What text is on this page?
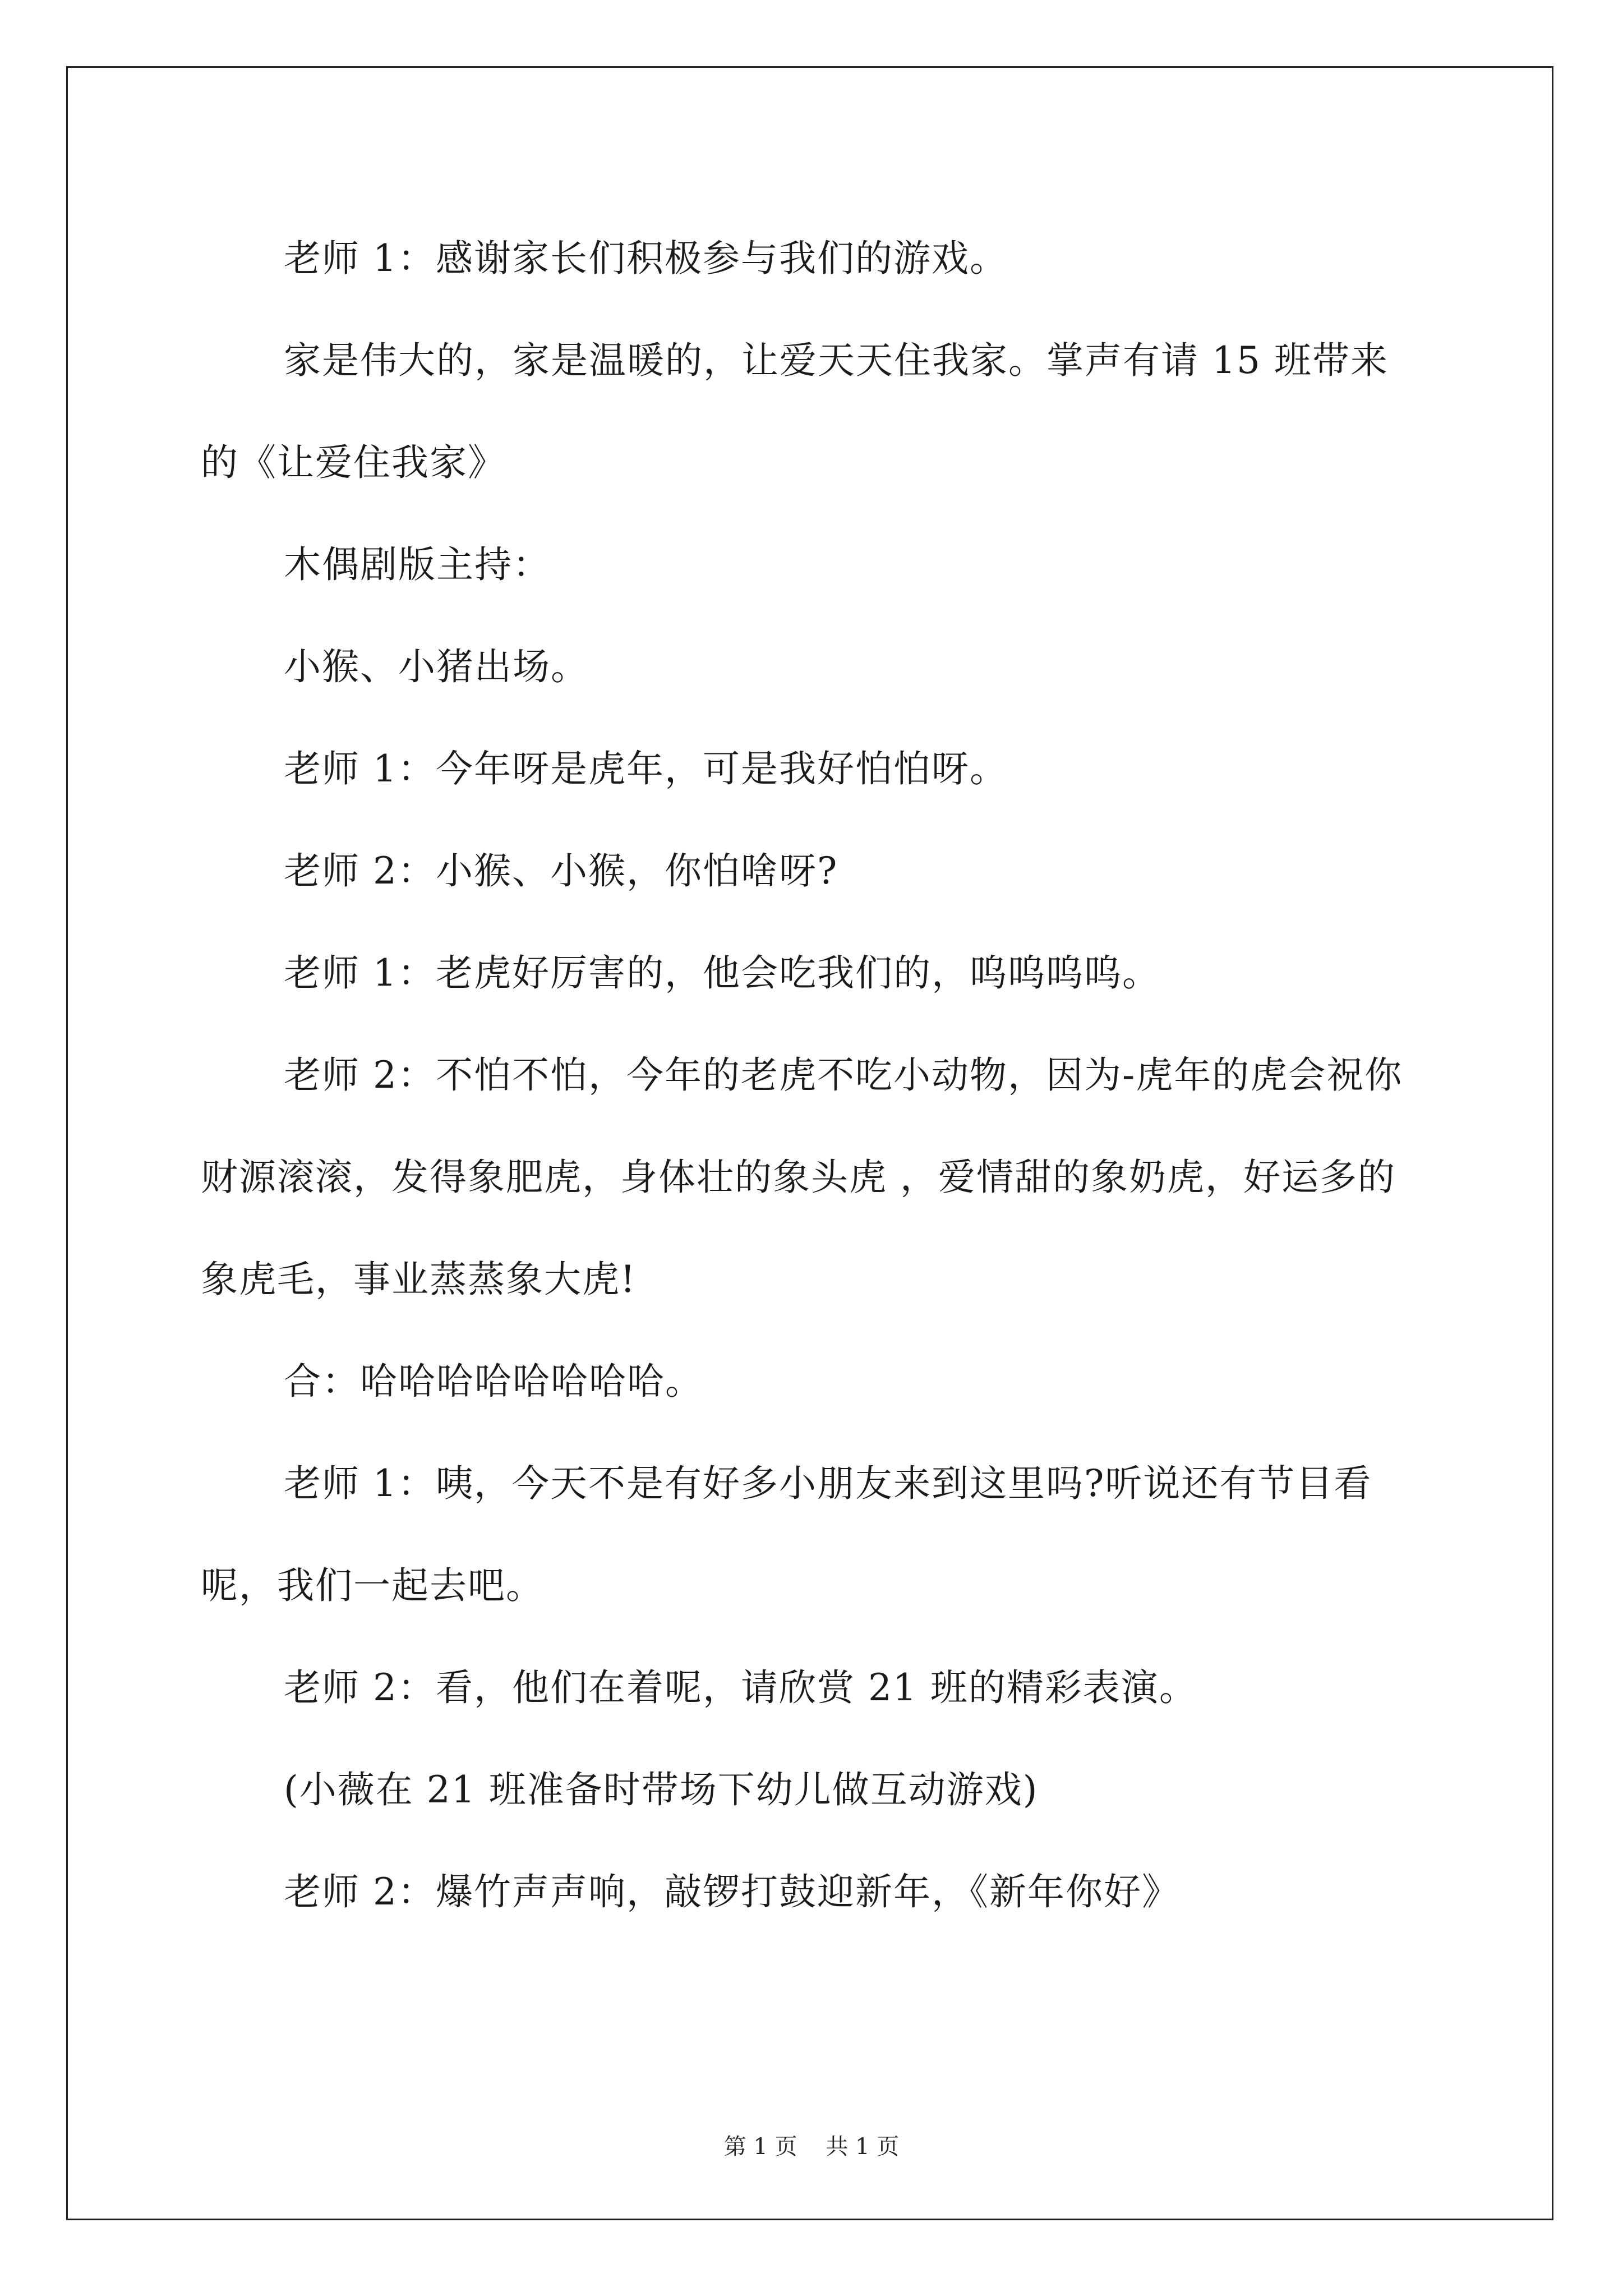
老师 1：感谢家长们积极参与我们的游戏。

家是伟大的，家是温暖的，让爱天天住我家。掌声有请 15 班带来的《让爱住我家》

木偶剧版主持：

小猴、小猪出场。

老师 1：今年呀是虎年，可是我好怕怕呀。

老师 2：小猴、小猴，你怕啥呀?

老师 1：老虎好厉害的，他会吃我们的，呜呜呜呜。

老师 2：不怕不怕，今年的老虎不吃小动物，因为-虎年的虎会祝你财源滚滚，发得象肥虎，身体壮的象头虎 ，爱情甜的象奶虎，好运多的象虎毛，事业蒸蒸象大虎!

合：哈哈哈哈哈哈哈哈。

老师 1：咦，今天不是有好多小朋友来到这里吗?听说还有节目看呢，我们一起去吧。

老师 2：看，他们在着呢，请欣赏 21 班的精彩表演。

(小薇在 21 班准备时带场下幼儿做互动游戏)

老师 2：爆竹声声响，敲锣打鼓迎新年，《新年你好》

第 1 页    共 1 页
